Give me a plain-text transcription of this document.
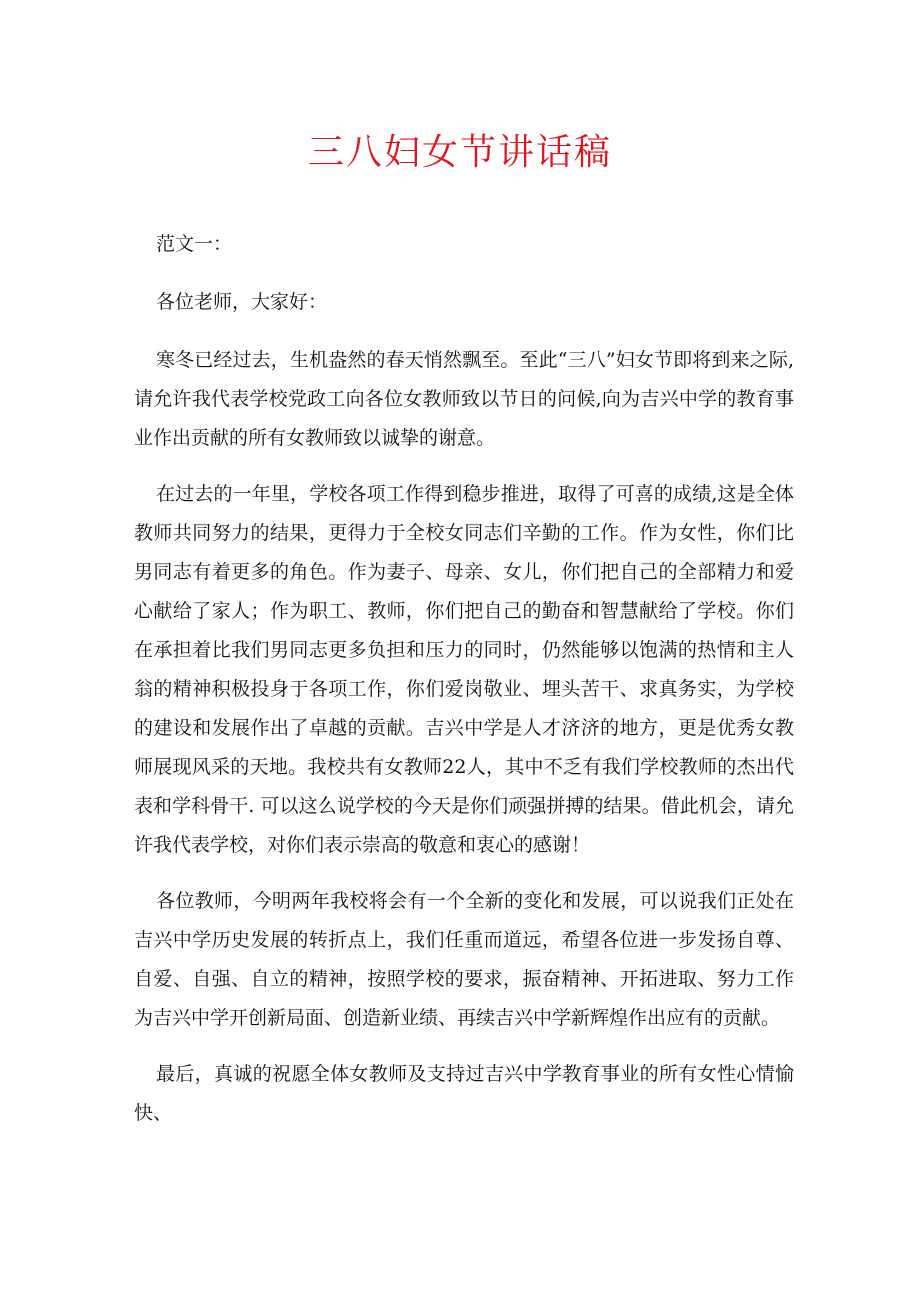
三八妇女节讲话稿

范文一：

各位老师，大家好：

寒冬已经过去，生机盎然的春天悄然飘至。至此“三八”妇女节即将到来之际,请允许我代表学校党政工向各位女教师致以节日的问候,向为吉兴中学的教育事业作出贡献的所有女教师致以诚挚的谢意。

在过去的一年里，学校各项工作得到稳步推进，取得了可喜的成绩,这是全体教师共同努力的结果，更得力于全校女同志们辛勤的工作。作为女性，你们比男同志有着更多的角色。作为妻子、母亲、女儿，你们把自己的全部精力和爱心献给了家人；作为职工、教师，你们把自己的勤奋和智慧献给了学校。你们在承担着比我们男同志更多负担和压力的同时，仍然能够以饱满的热情和主人翁的精神积极投身于各项工作，你们爱岗敬业、埋头苦干、求真务实，为学校的建设和发展作出了卓越的贡献。吉兴中学是人才济济的地方，更是优秀女教师展现风采的天地。我校共有女教师22人，其中不乏有我们学校教师的杰出代表和学科骨干. 可以这么说学校的今天是你们顽强拼搏的结果。借此机会，请允许我代表学校，对你们表示崇高的敬意和衷心的感谢！

各位教师，今明两年我校将会有一个全新的变化和发展，可以说我们正处在吉兴中学历史发展的转折点上，我们任重而道远，希望各位进一步发扬自尊、自爱、自强、自立的精神，按照学校的要求，振奋精神、开拓进取、努力工作为吉兴中学开创新局面、创造新业绩、再续吉兴中学新辉煌作出应有的贡献。

最后，真诚的祝愿全体女教师及支持过吉兴中学教育事业的所有女性心情愉快、
